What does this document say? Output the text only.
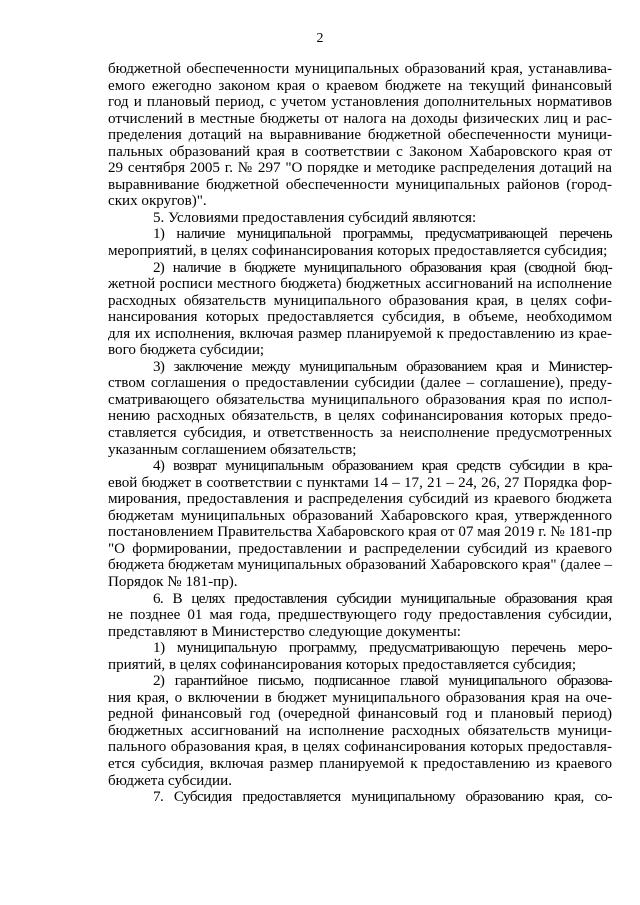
2

бюджетной обеспеченности муниципальных образований края, устанавлива-

емого ежегодно законом края о краевом бюджете на текущий финансовый

год и плановый период, с учетом установления дополнительных нормативов

отчислений в местные бюджеты от налога на доходы физических лиц и рас-

пределения дотаций на выравнивание бюджетной обеспеченности муници-

пальных образований края в соответствии с Законом Хабаровского края от

29 сентября 2005 г. № 297 "О порядке и методике распределения дотаций на

выравнивание бюджетной обеспеченности муниципальных районов (город-

ских округов)".

5. Условиями предоставления субсидий являются:

1) наличие муниципальной программы, предусматривающей перечень

мероприятий, в целях софинансирования которых предоставляется субсидия;

2) наличие в бюджете муниципального образования края (сводной бюд-

жетной росписи местного бюджета) бюджетных ассигнований на исполнение

расходных обязательств муниципального образования края, в целях софи-

нансирования которых предоставляется субсидия, в объеме, необходимом

для их исполнения, включая размер планируемой к предоставлению из крае-

вого бюджета субсидии;

3) заключение между муниципальным образованием края и Министер-

ством соглашения о предоставлении субсидии (далее – соглашение), преду-

сматривающего обязательства муниципального образования края по испол-

нению расходных обязательств, в целях софинансирования которых предо-

ставляется субсидия, и ответственность за неисполнение предусмотренных

указанным соглашением обязательств;

4) возврат муниципальным образованием края средств субсидии в кра-

евой бюджет в соответствии с пунктами 14 – 17, 21 – 24, 26, 27 Порядка фор-

мирования, предоставления и распределения субсидий из краевого бюджета

бюджетам муниципальных образований Хабаровского края, утвержденного

постановлением Правительства Хабаровского края от 07 мая 2019 г. № 181-пр

"О формировании, предоставлении и распределении субсидий из краевого

бюджета бюджетам муниципальных образований Хабаровского края" (далее –

Порядок № 181-пр).

6. В целях предоставления субсидии муниципальные образования края

не позднее 01 мая года, предшествующего году предоставления субсидии,

представляют в Министерство следующие документы:

1) муниципальную программу, предусматривающую перечень меро-

приятий, в целях софинансирования которых предоставляется субсидия;

2) гарантийное письмо, подписанное главой муниципального образова-

ния края, о включении в бюджет муниципального образования края на оче-

редной финансовый год (очередной финансовый год и плановый период)

бюджетных ассигнований на исполнение расходных обязательств муници-

пального образования края, в целях софинансирования которых предоставля-

ется субсидия, включая размер планируемой к предоставлению из краевого

бюджета субсидии.

7. Субсидия предоставляется муниципальному образованию края, со-
